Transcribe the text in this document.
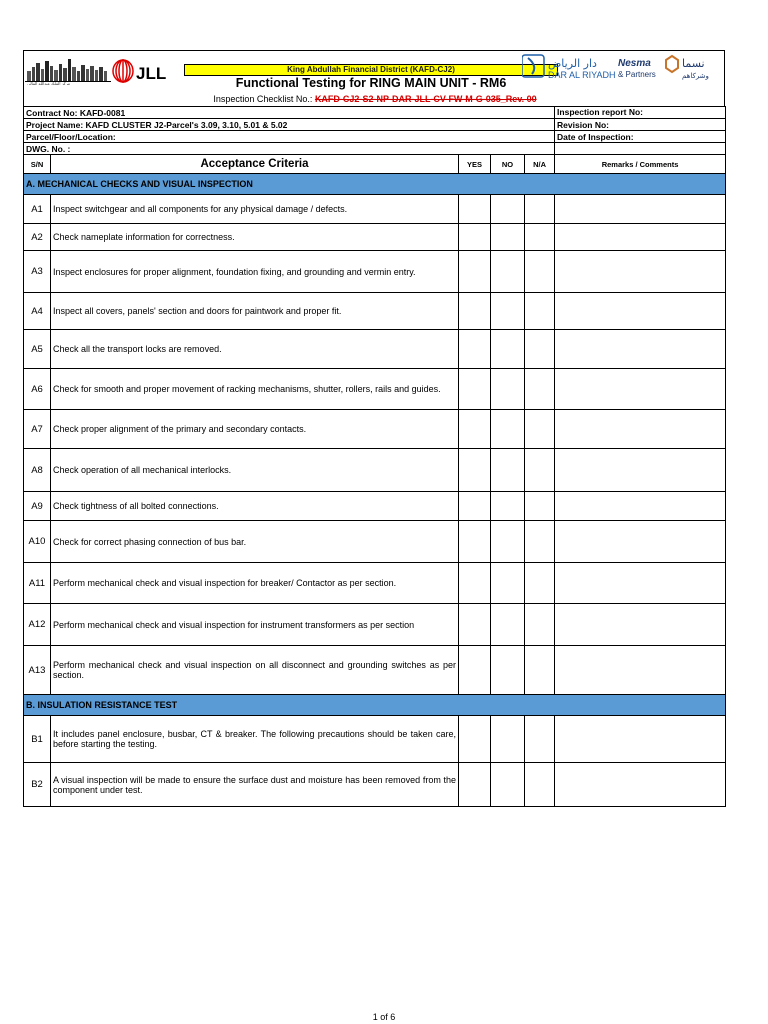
مركز الملك عبدالله المالي
JLL	King Abdullah Financial District (KAFD-CJ2)
Functional Testing for RING MAIN UNIT - RM6
دار الرياض
DAR AL RIYADH
Nesma
& Partners
نسما
وشركاهم
Inspection Checklist No.: KAFD-CJ2-S2-NP-DAR-JLL-CV-FW-M-G-035_Rev. 00
Contract No: KAFD-0081					Inspection report No:
Project Name: KAFD CLUSTER J2-Parcel's 3.09, 3.10, 5.01 & 5.02					Revision No:
Parcel/Floor/Location:					Date of Inspection:
DWG. No. :					
S/N	Acceptance Criteria	YES	NO	N/A	Remarks / Comments
A. MECHANICAL CHECKS AND VISUAL INSPECTION					
A1	Inspect switchgear and all components for any physical damage / defects.				
A2	Check nameplate information for correctness.				
A3	Inspect enclosures for proper alignment, foundation fixing, and grounding and vermin entry.				
A4	Inspect all covers, panels' section and doors for paintwork and proper fit.				
A5	Check all the transport locks are removed.				
A6	Check for smooth and proper movement of racking mechanisms, shutter, rollers, rails and guides.				
A7	Check proper alignment of the primary and secondary contacts.				
A8	Check operation of all mechanical interlocks.				
A9	Check tightness of all bolted connections.				
A10	Check for correct phasing connection of bus bar.				
A11	Perform mechanical check and visual inspection for breaker/ Contactor as per section.				
A12	Perform mechanical check and visual inspection for instrument transformers as per section				
A13	Perform mechanical check and visual inspection on all disconnect and grounding switches as per section.				
B. INSULATION RESISTANCE TEST					
B1	It includes panel enclosure, busbar, CT & breaker. The following precautions should be taken care, before starting the testing.				
B2	A visual inspection will be made to ensure the surface dust and moisture has been removed from the component under test.				
1 of 6
